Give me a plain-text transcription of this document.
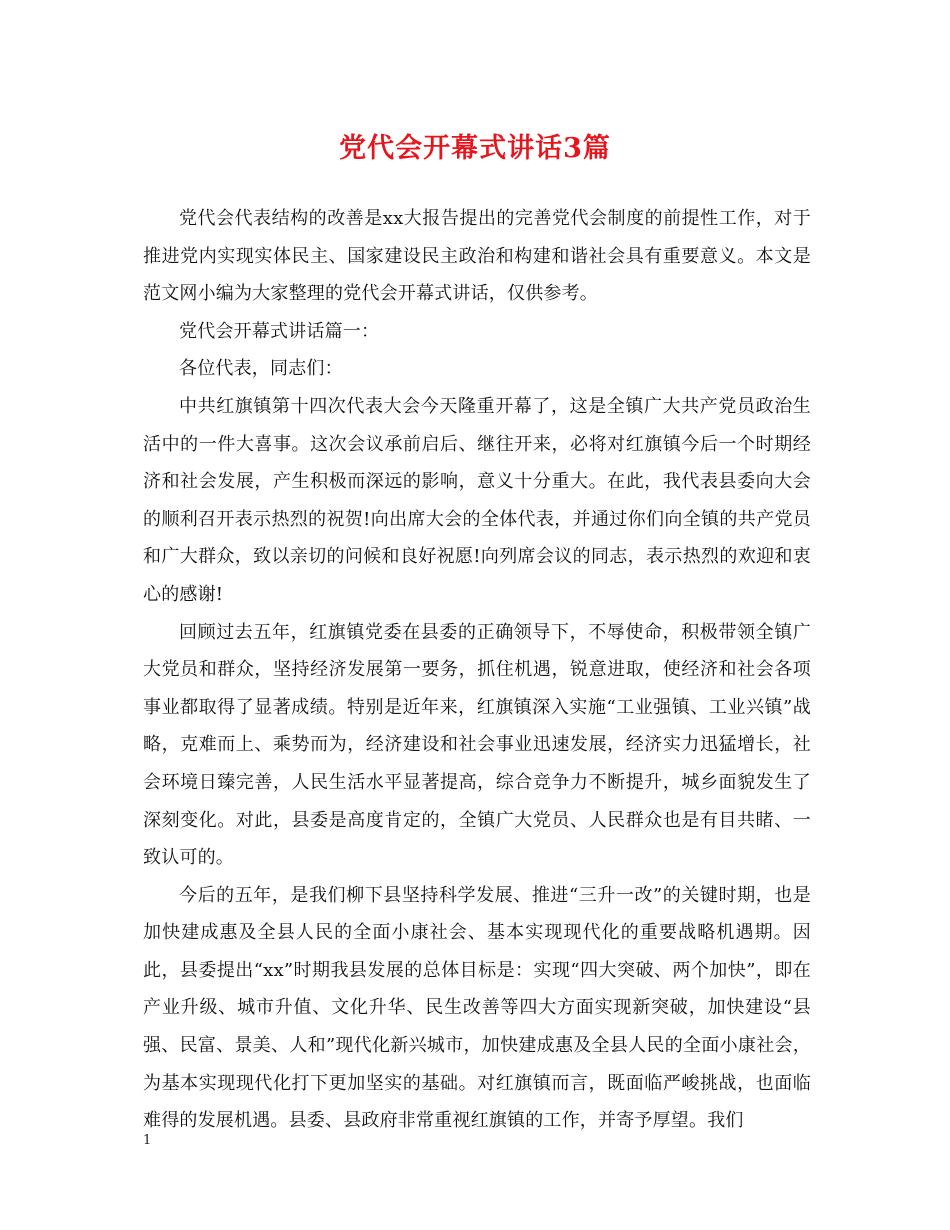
党代会开幕式讲话3篇

党代会代表结构的改善是xx大报告提出的完善党代会制度的前提性工作，对于推进党内实现实体民主、国家建设民主政治和构建和谐社会具有重要意义。本文是范文网小编为大家整理的党代会开幕式讲话，仅供参考。

党代会开幕式讲话篇一：

各位代表，同志们：

中共红旗镇第十四次代表大会今天隆重开幕了，这是全镇广大共产党员政治生活中的一件大喜事。这次会议承前启后、继往开来，必将对红旗镇今后一个时期经济和社会发展，产生积极而深远的影响，意义十分重大。在此，我代表县委向大会的顺利召开表示热烈的祝贺!向出席大会的全体代表，并通过你们向全镇的共产党员和广大群众，致以亲切的问候和良好祝愿!向列席会议的同志，表示热烈的欢迎和衷心的感谢!

回顾过去五年，红旗镇党委在县委的正确领导下，不辱使命，积极带领全镇广大党员和群众，坚持经济发展第一要务，抓住机遇，锐意进取，使经济和社会各项事业都取得了显著成绩。特别是近年来，红旗镇深入实施“工业强镇、工业兴镇”战略，克难而上、乘势而为，经济建设和社会事业迅速发展，经济实力迅猛增长，社会环境日臻完善，人民生活水平显著提高，综合竞争力不断提升，城乡面貌发生了深刻变化。对此，县委是高度肯定的，全镇广大党员、人民群众也是有目共睹、一致认可的。

今后的五年，是我们柳下县坚持科学发展、推进“三升一改”的关键时期，也是加快建成惠及全县人民的全面小康社会、基本实现现代化的重要战略机遇期。因此，县委提出“xx”时期我县发展的总体目标是：实现“四大突破、两个加快”，即在产业升级、城市升值、文化升华、民生改善等四大方面实现新突破，加快建设“县强、民富、景美、人和”现代化新兴城市，加快建成惠及全县人民的全面小康社会，为基本实现现代化打下更加坚实的基础。对红旗镇而言，既面临严峻挑战，也面临难得的发展机遇。县委、县政府非常重视红旗镇的工作，并寄予厚望。我们

1
